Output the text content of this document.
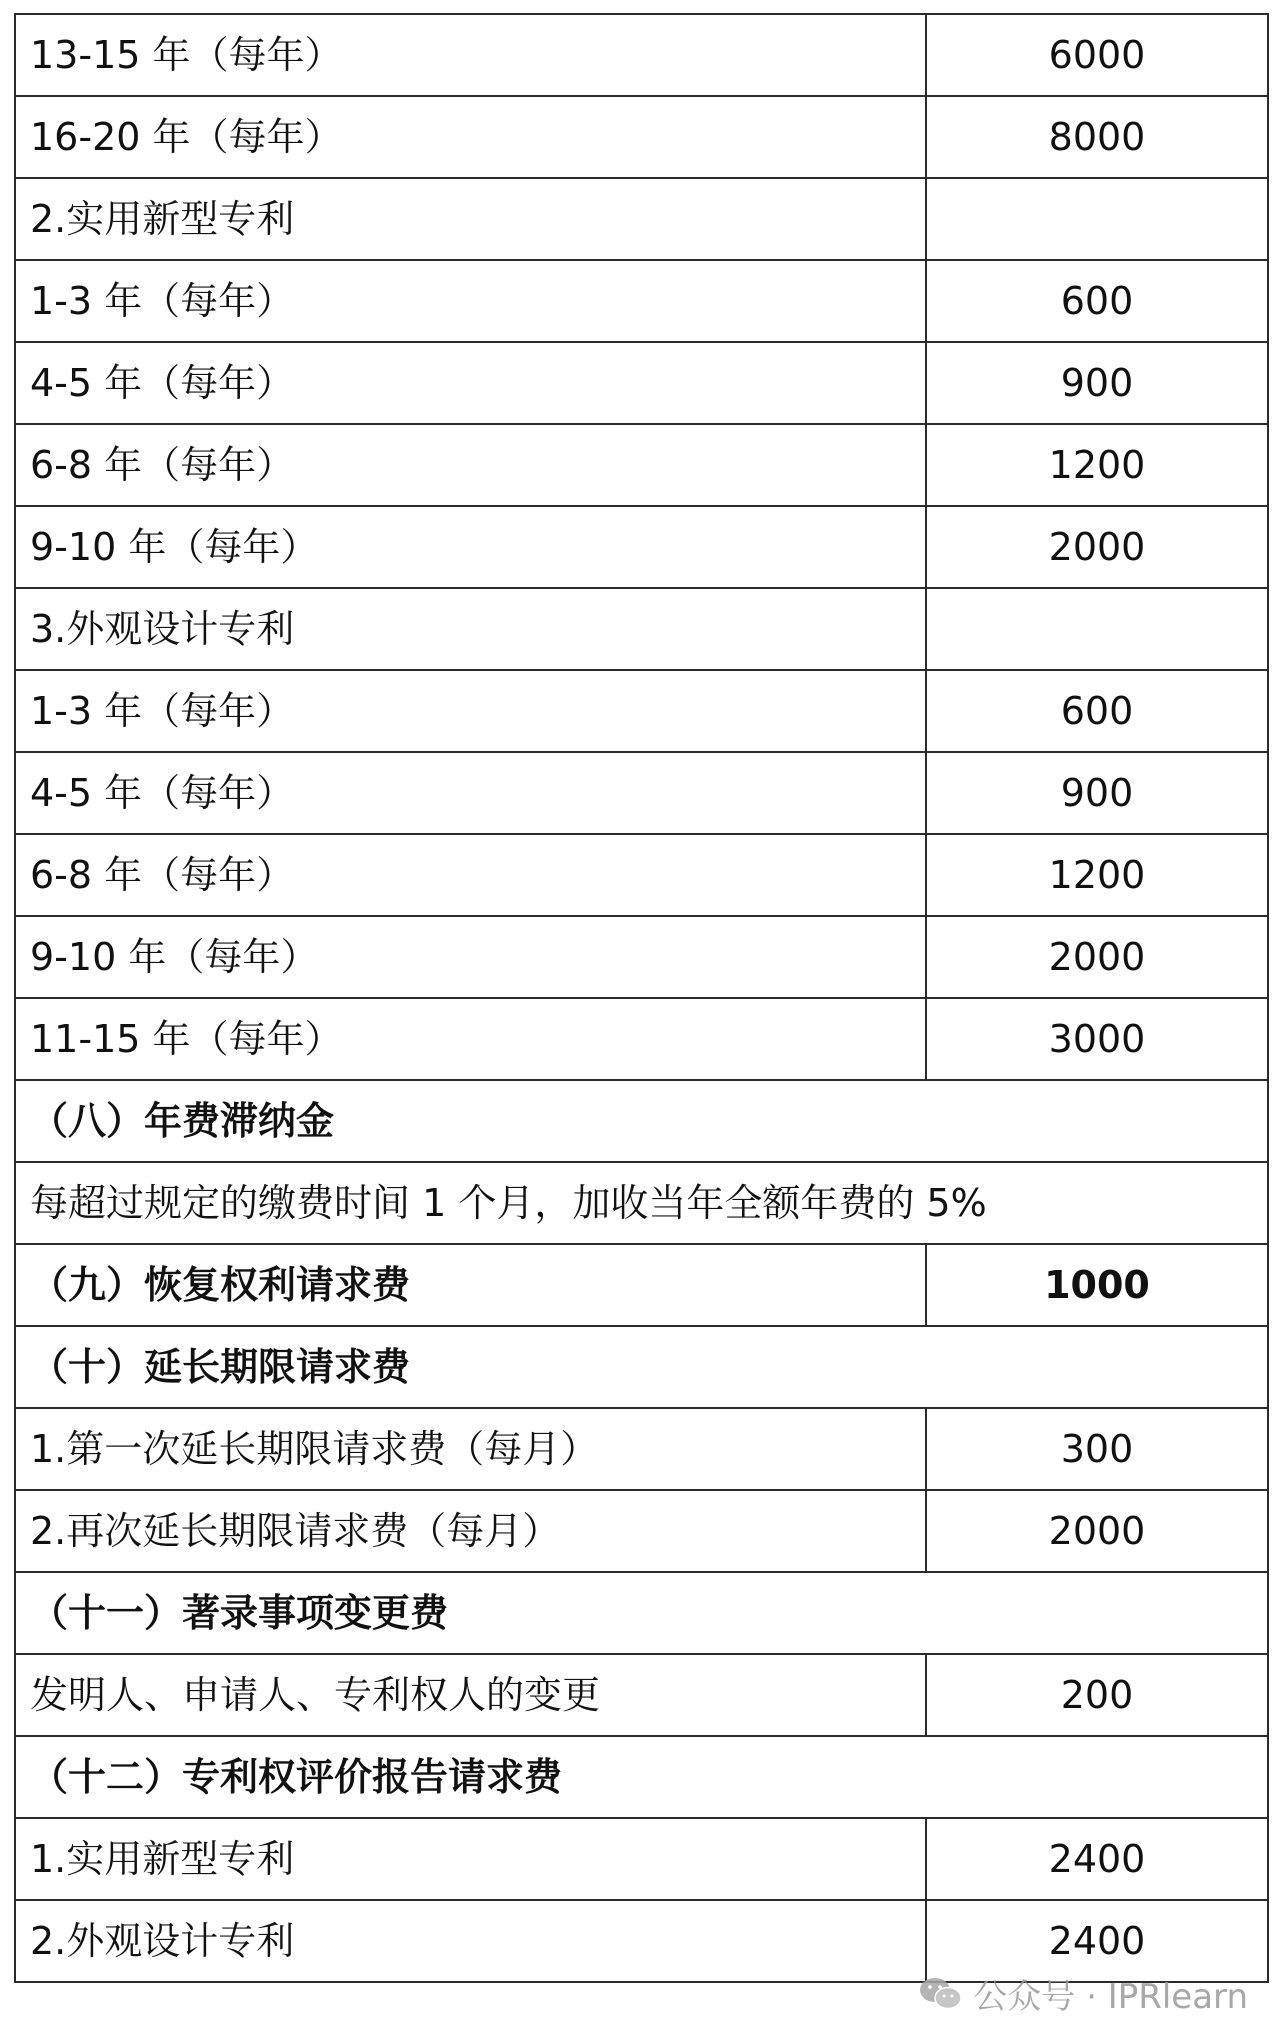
13-15 年（每年）	6000
16-20 年（每年）	8000
2.实用新型专利	
1-3 年（每年）	600
4-5 年（每年）	900
6-8 年（每年）	1200
9-10 年（每年）	2000
3.外观设计专利	
1-3 年（每年）	600
4-5 年（每年）	900
6-8 年（每年）	1200
9-10 年（每年）	2000
11-15 年（每年）	3000
（八）年费滞纳金	
每超过规定的缴费时间 1 个月，加收当年全额年费的 5%	
（九）恢复权利请求费	1000
（十）延长期限请求费	
1.第一次延长期限请求费（每月）	300
2.再次延长期限请求费（每月）	2000
（十一）著录事项变更费	
发明人、申请人、专利权人的变更	200
（十二）专利权评价报告请求费	
1.实用新型专利	2400
2.外观设计专利	2400
公众号 · IPRlearn
